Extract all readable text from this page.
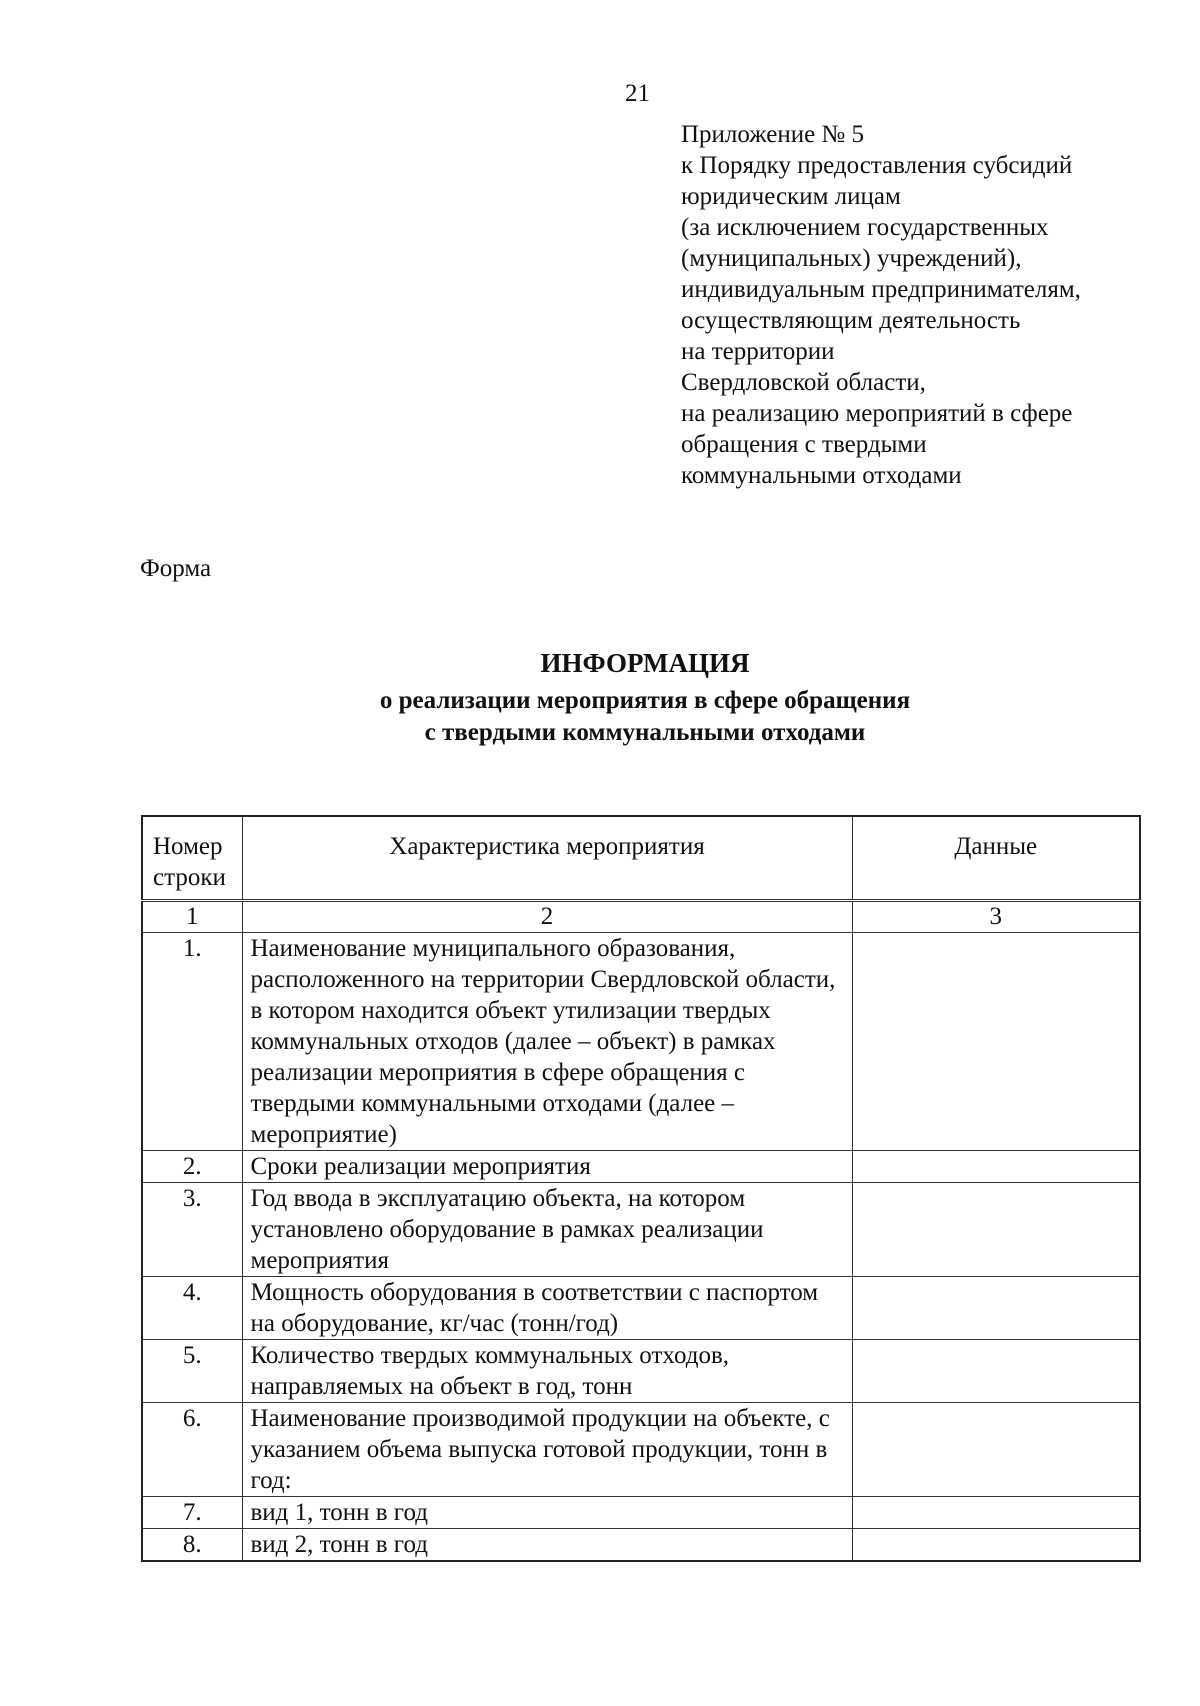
21
Приложение № 5
к Порядку предоставления субсидий
юридическим лицам
(за исключением государственных
(муниципальных) учреждений),
индивидуальным предпринимателям,
осуществляющим деятельность
на территории
Свердловской области,
на реализацию мероприятий в сфере
обращения с твердыми
коммунальными отходами
Форма
ИНФОРМАЦИЯ
о реализации мероприятия в сфере обращения
с твердыми коммунальными отходами
Номер строки	Характеристика мероприятия	Данные
1	2	3
1.	Наименование муниципального образования, расположенного на территории Свердловской области, в котором находится объект утилизации твердых коммунальных отходов (далее – объект) в рамках реализации мероприятия в сфере обращения с твердыми коммунальными отходами (далее – мероприятие)	
2.	Сроки реализации мероприятия	
3.	Год ввода в эксплуатацию объекта, на котором установлено оборудование в рамках реализации мероприятия	
4.	Мощность оборудования в соответствии с паспортом на оборудование, кг/час (тонн/год)	
5.	Количество твердых коммунальных отходов, направляемых на объект в год, тонн	
6.	Наименование производимой продукции на объекте, с указанием объема выпуска готовой продукции, тонн в год:	
7.	вид 1, тонн в год	
8.	вид 2, тонн в год	
